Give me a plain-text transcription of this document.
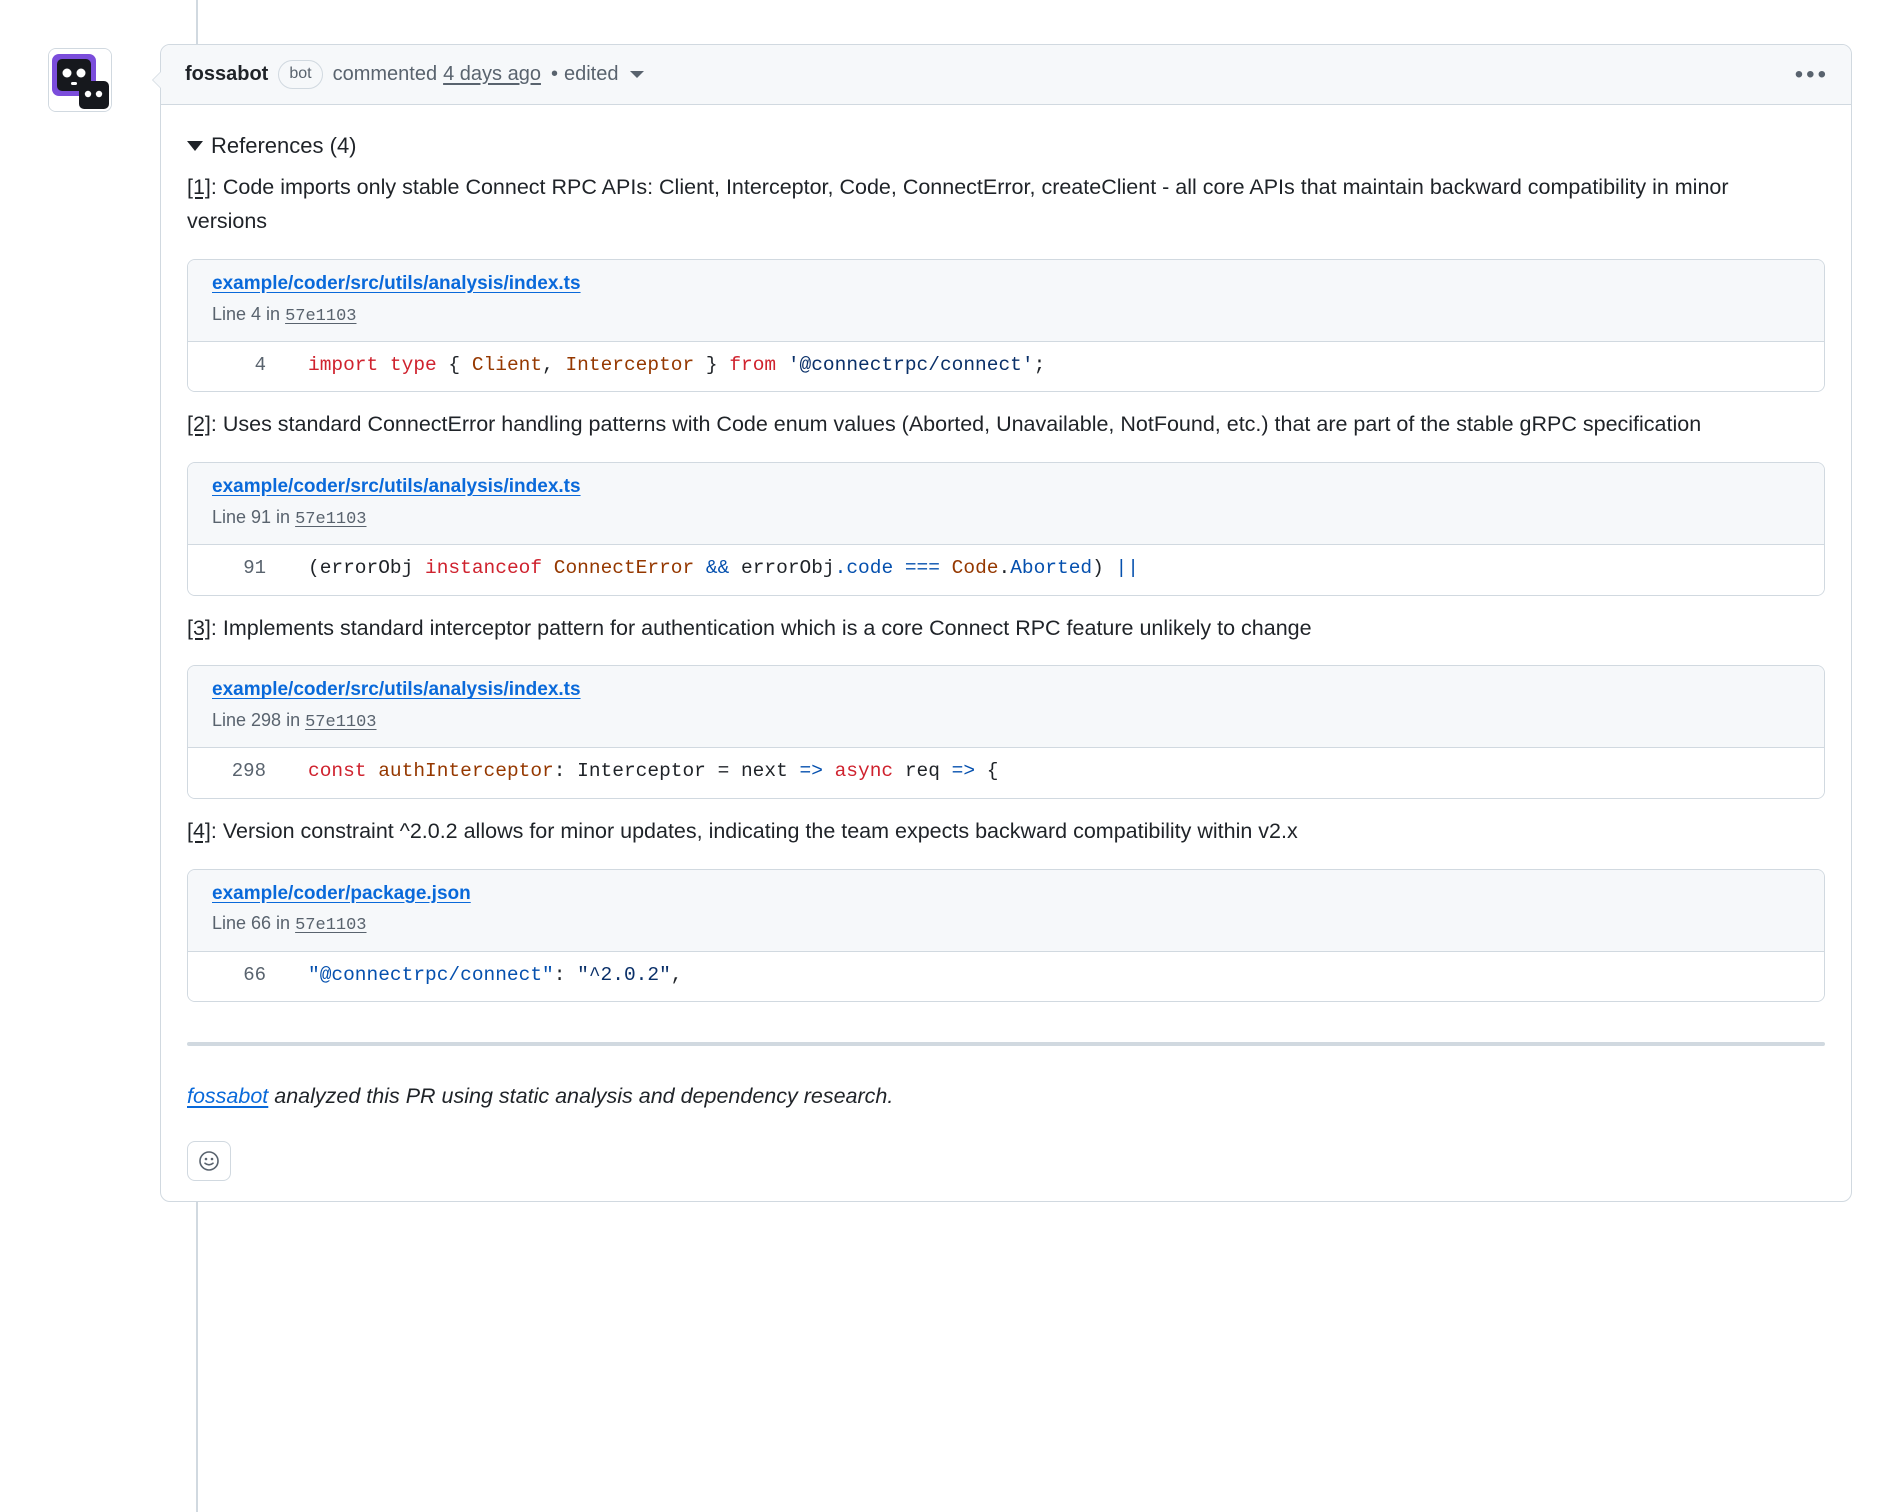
fossabot	bot	commented 4 days ago • edited	•••
References (4)

[1]: Code imports only stable Connect RPC APIs: Client, Interceptor, Code, ConnectError, createClient - all core APIs that maintain backward compatibility in minor versions

example/coder/src/utils/analysis/index.ts
Line 4 in 57e1103
4	import type { Client, Interceptor } from '@connectrpc/connect';

[2]: Uses standard ConnectError handling patterns with Code enum values (Aborted, Unavailable, NotFound, etc.) that are part of the stable gRPC specification

example/coder/src/utils/analysis/index.ts
Line 91 in 57e1103
91	(errorObj instanceof ConnectError && errorObj.code === Code.Aborted) ||

[3]: Implements standard interceptor pattern for authentication which is a core Connect RPC feature unlikely to change

example/coder/src/utils/analysis/index.ts
Line 298 in 57e1103
298	const authInterceptor: Interceptor = next => async req => {

[4]: Version constraint ^2.0.2 allows for minor updates, indicating the team expects backward compatibility within v2.x

example/coder/package.json
Line 66 in 57e1103
66	"@connectrpc/connect": "^2.0.2",

fossabot analyzed this PR using static analysis and dependency research.
